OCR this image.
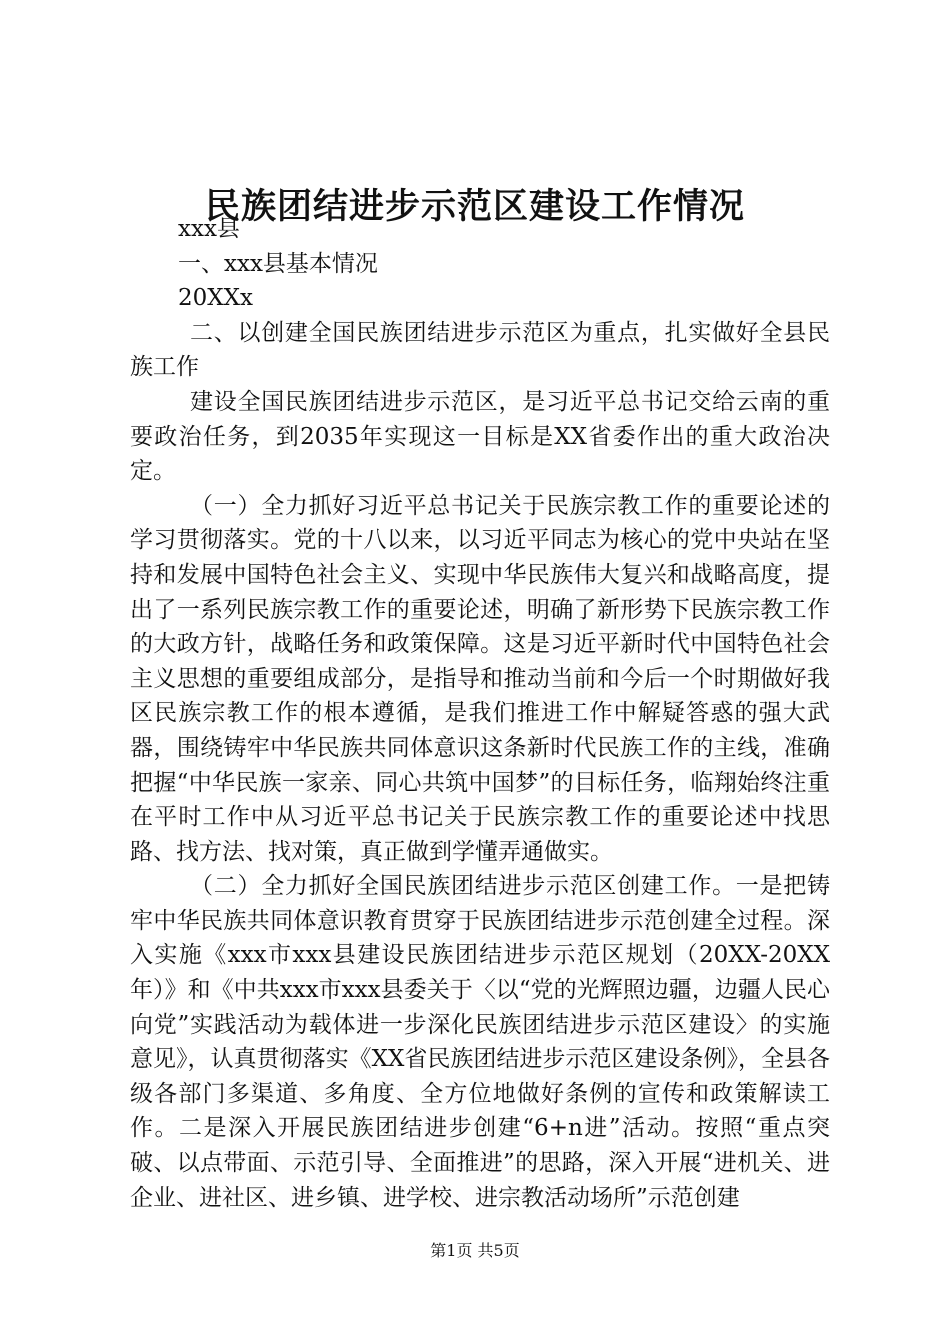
民族团结进步示范区建设工作情况
xxx县
一、xxx县基本情况
20XXx

二、以创建全国民族团结进步示范区为重点，扎实做好全县民族工作

建设全国民族团结进步示范区，是习近平总书记交给云南的重要政治任务，到2035年实现这一目标是XX省委作出的重大政治决定。

（一）全力抓好习近平总书记关于民族宗教工作的重要论述的学习贯彻落实。党的十八以来，以习近平同志为核心的党中央站在坚持和发展中国特色社会主义、实现中华民族伟大复兴和战略高度，提出了一系列民族宗教工作的重要论述，明确了新形势下民族宗教工作的大政方针，战略任务和政策保障。这是习近平新时代中国特色社会主义思想的重要组成部分，是指导和推动当前和今后一个时期做好我区民族宗教工作的根本遵循，是我们推进工作中解疑答惑的强大武器，围绕铸牢中华民族共同体意识这条新时代民族工作的主线，准确把握“中华民族一家亲、同心共筑中国梦”的目标任务，临翔始终注重在平时工作中从习近平总书记关于民族宗教工作的重要论述中找思路、找方法、找对策，真正做到学懂弄通做实。

（二）全力抓好全国民族团结进步示范区创建工作。一是把铸牢中华民族共同体意识教育贯穿于民族团结进步示范创建全过程。深入实施《xxx市xxx县建设民族团结进步示范区规划（20XX-20XX年）》和《中共xxx市xxx县委关于〈以“党的光辉照边疆，边疆人民心向党”实践活动为载体进一步深化民族团结进步示范区建设〉的实施意见》，认真贯彻落实《XX省民族团结进步示范区建设条例》，全县各级各部门多渠道、多角度、全方位地做好条例的宣传和政策解读工作。二是深入开展民族团结进步创建“6+n进”活动。按照“重点突破、以点带面、示范引导、全面推进”的思路，深入开展“进机关、进企业、进社区、进乡镇、进学校、进宗教活动场所”示范创建

第1页 共5页
